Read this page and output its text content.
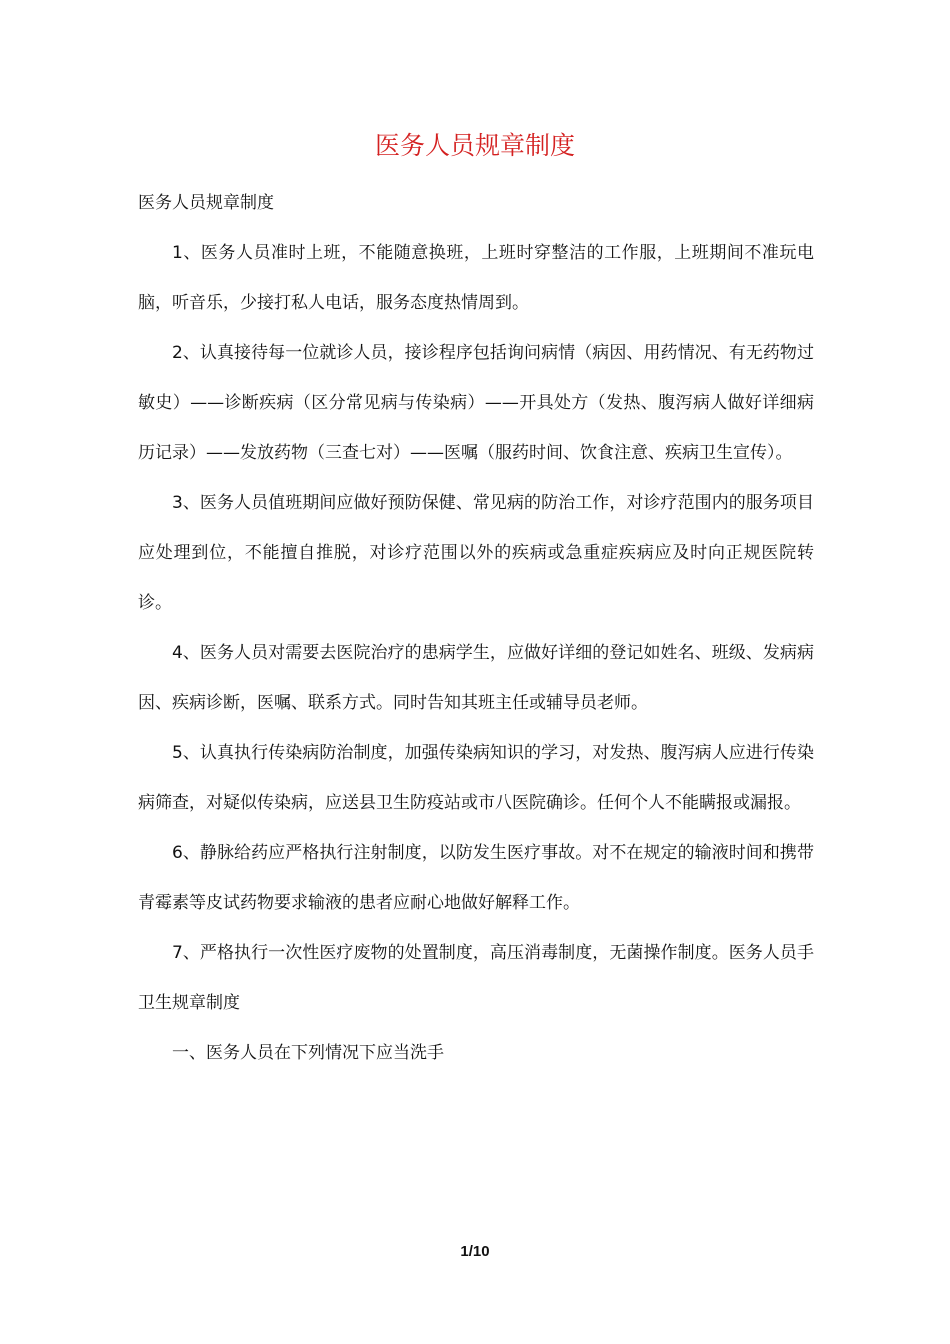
医务人员规章制度
医务人员规章制度

1、医务人员准时上班，不能随意换班，上班时穿整洁的工作服，上班期间不准玩电脑，听音乐，少接打私人电话，服务态度热情周到。

2、认真接待每一位就诊人员，接诊程序包括询问病情（病因、用药情况、有无药物过敏史）——诊断疾病（区分常见病与传染病）——开具处方（发热、腹泻病人做好详细病历记录）——发放药物（三查七对）——医嘱（服药时间、饮食注意、疾病卫生宣传）。

3、医务人员值班期间应做好预防保健、常见病的防治工作，对诊疗范围内的服务项目应处理到位，不能擅自推脱，对诊疗范围以外的疾病或急重症疾病应及时向正规医院转诊。

4、医务人员对需要去医院治疗的患病学生，应做好详细的登记如姓名、班级、发病病因、疾病诊断，医嘱、联系方式。同时告知其班主任或辅导员老师。

5、认真执行传染病防治制度，加强传染病知识的学习，对发热、腹泻病人应进行传染病筛查，对疑似传染病，应送县卫生防疫站或市八医院确诊。任何个人不能瞒报或漏报。

6、静脉给药应严格执行注射制度，以防发生医疗事故。对不在规定的输液时间和携带青霉素等皮试药物要求输液的患者应耐心地做好解释工作。

7、严格执行一次性医疗废物的处置制度，高压消毒制度，无菌操作制度。医务人员手卫生规章制度

一、医务人员在下列情况下应当洗手

1/10
